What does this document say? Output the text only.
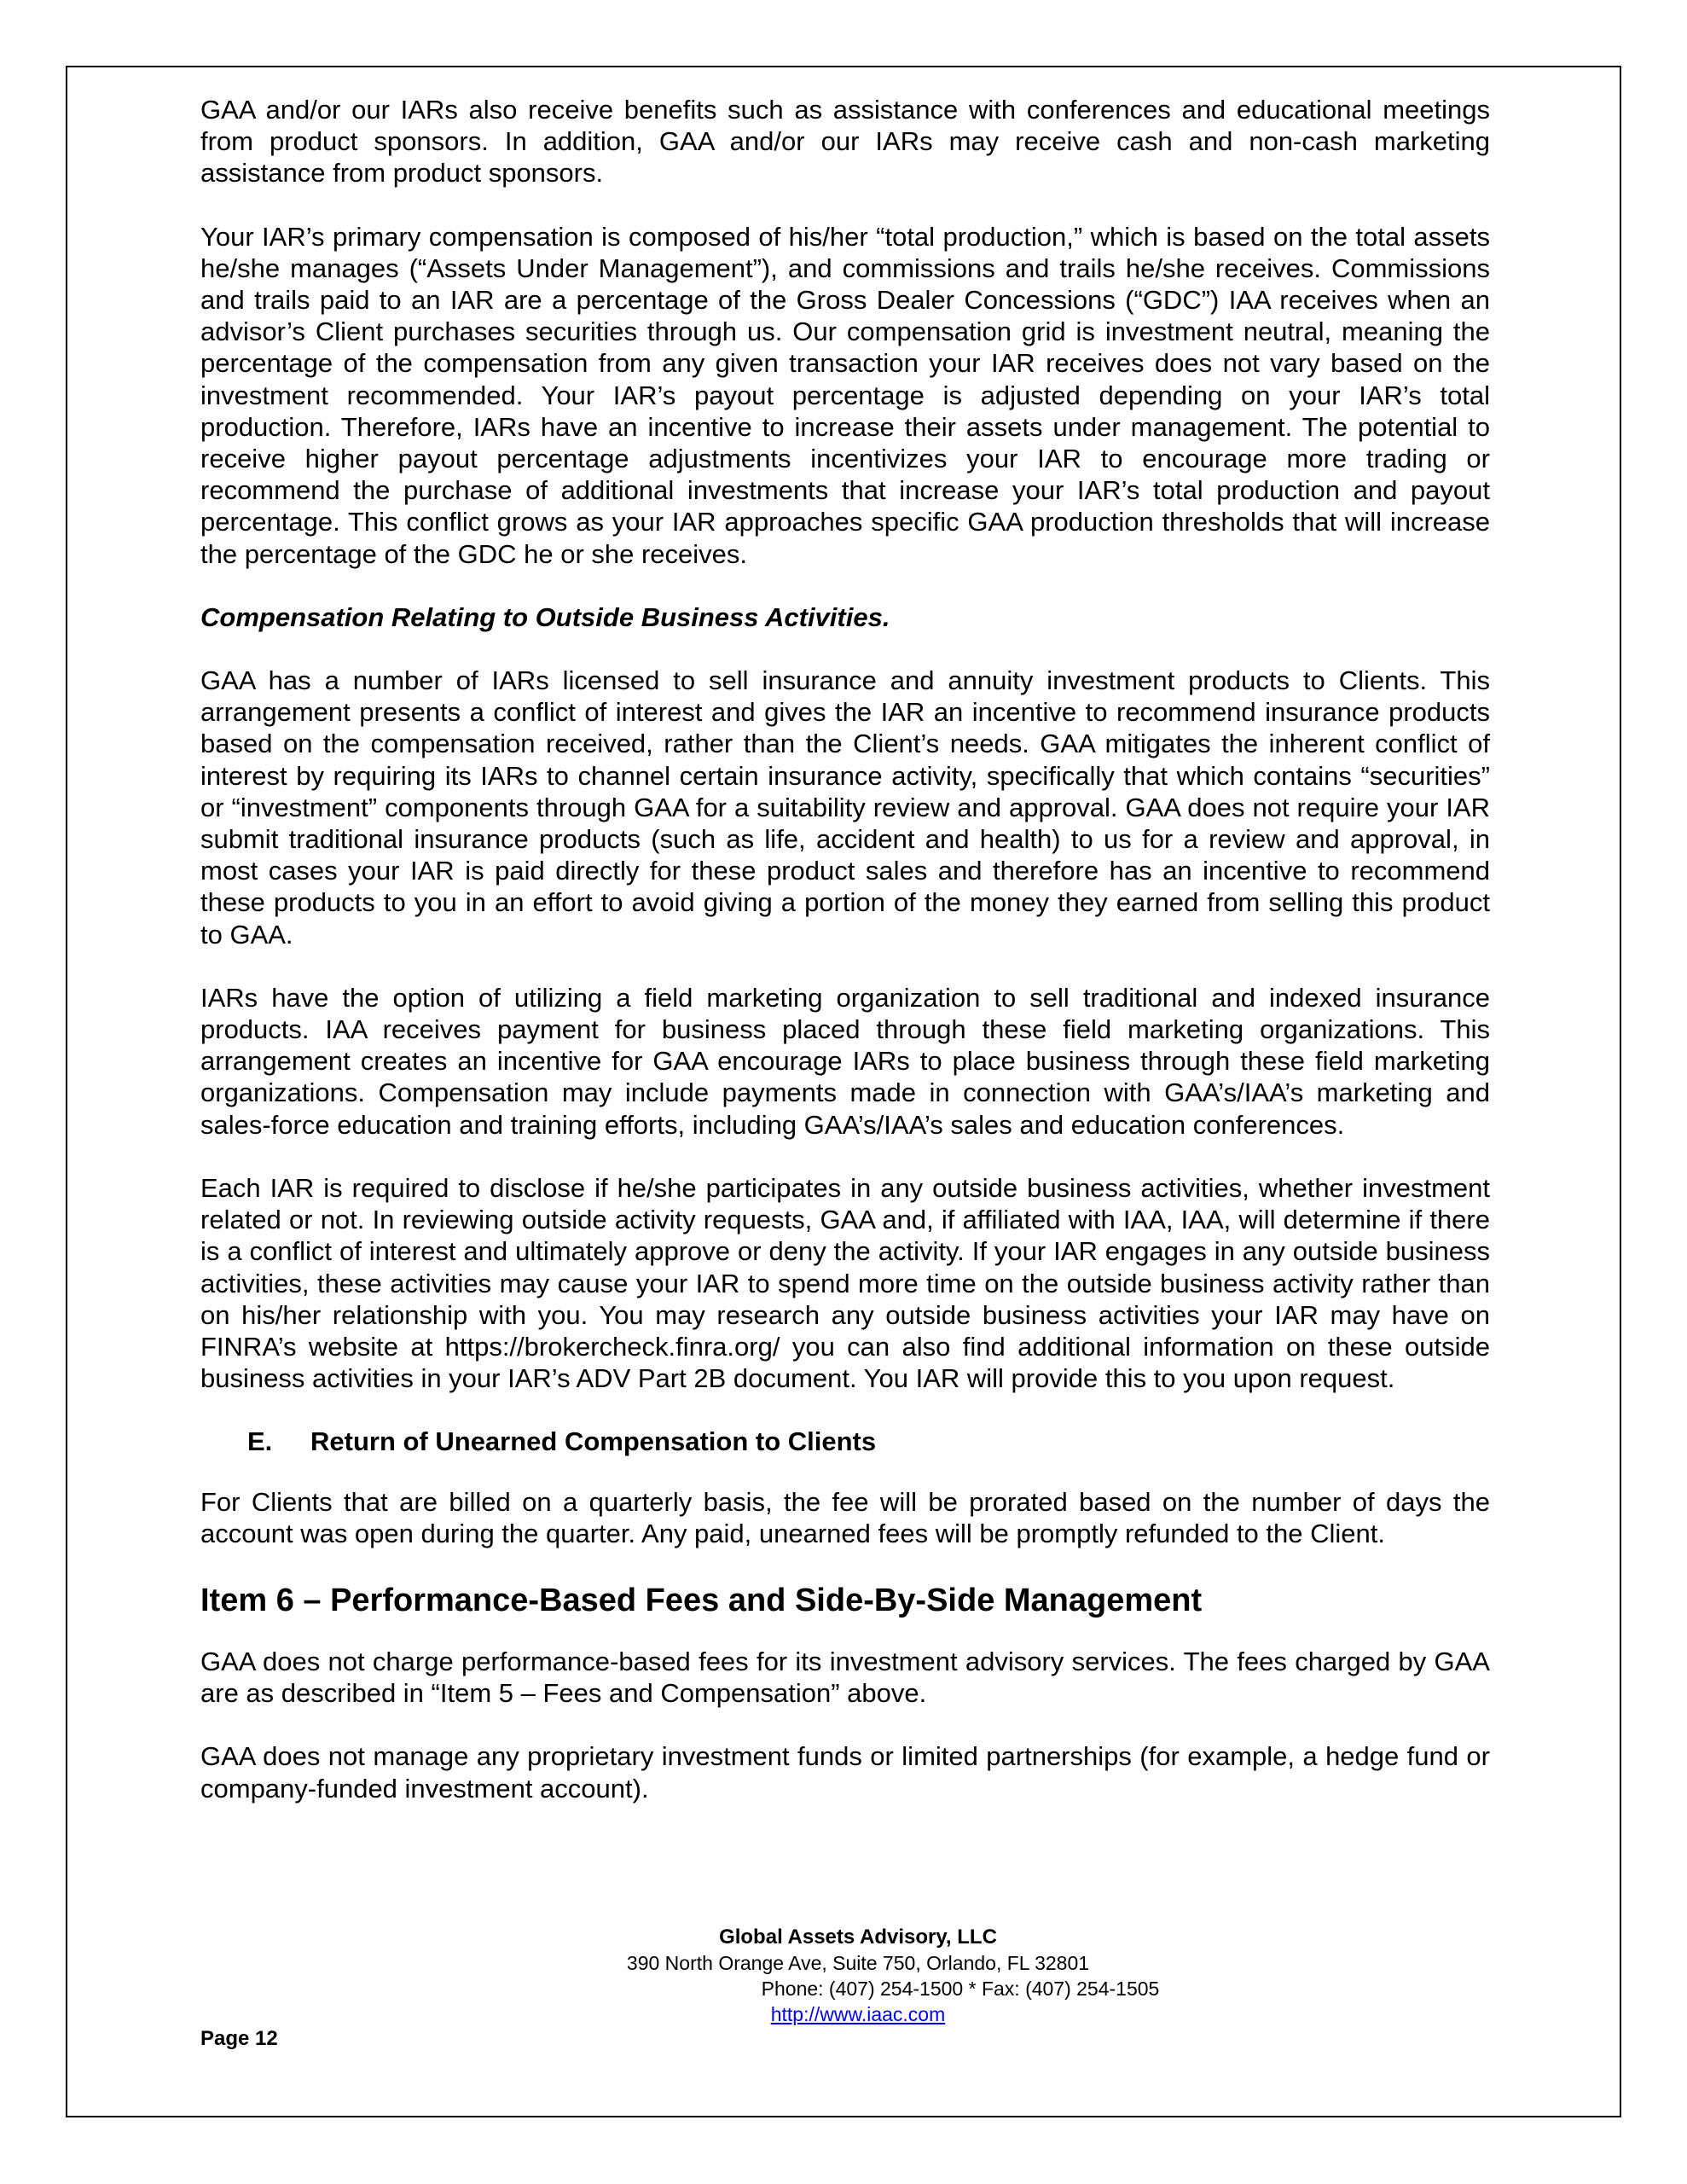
GAA and/or our IARs also receive benefits such as assistance with conferences and educational meetings from product sponsors. In addition, GAA and/or our IARs may receive cash and non-cash marketing assistance from product sponsors.

Your IAR’s primary compensation is composed of his/her “total production,” which is based on the total assets he/she manages (“Assets Under Management”), and commissions and trails he/she receives. Commissions and trails paid to an IAR are a percentage of the Gross Dealer Concessions (“GDC”) IAA receives when an advisor’s Client purchases securities through us. Our compensation grid is investment neutral, meaning the percentage of the compensation from any given transaction your IAR receives does not vary based on the investment recommended. Your IAR’s payout percentage is adjusted depending on your IAR’s total production. Therefore, IARs have an incentive to increase their assets under management. The potential to receive higher payout percentage adjustments incentivizes your IAR to encourage more trading or recommend the purchase of additional investments that increase your IAR’s total production and payout percentage. This conflict grows as your IAR approaches specific GAA production thresholds that will increase the percentage of the GDC he or she receives.

Compensation Relating to Outside Business Activities.

GAA has a number of IARs licensed to sell insurance and annuity investment products to Clients. This arrangement presents a conflict of interest and gives the IAR an incentive to recommend insurance products based on the compensation received, rather than the Client’s needs. GAA mitigates the inherent conflict of interest by requiring its IARs to channel certain insurance activity, specifically that which contains “securities” or “investment” components through GAA for a suitability review and approval. GAA does not require your IAR submit traditional insurance products (such as life, accident and health) to us for a review and approval, in most cases your IAR is paid directly for these product sales and therefore has an incentive to recommend these products to you in an effort to avoid giving a portion of the money they earned from selling this product to GAA.

IARs have the option of utilizing a field marketing organization to sell traditional and indexed insurance products. IAA receives payment for business placed through these field marketing organizations. This arrangement creates an incentive for GAA encourage IARs to place business through these field marketing organizations. Compensation may include payments made in connection with GAA’s/IAA’s marketing and sales-force education and training efforts, including GAA’s/IAA’s sales and education conferences.

Each IAR is required to disclose if he/she participates in any outside business activities, whether investment related or not. In reviewing outside activity requests, GAA and, if affiliated with IAA, IAA, will determine if there is a conflict of interest and ultimately approve or deny the activity. If your IAR engages in any outside business activities, these activities may cause your IAR to spend more time on the outside business activity rather than on his/her relationship with you. You may research any outside business activities your IAR may have on FINRA’s website at https://brokercheck.finra.org/ you can also find additional information on these outside business activities in your IAR’s ADV Part 2B document. You IAR will provide this to you upon request.

E.	Return of Unearned Compensation to Clients

For Clients that are billed on a quarterly basis, the fee will be prorated based on the number of days the account was open during the quarter. Any paid, unearned fees will be promptly refunded to the Client.

Item 6 – Performance-Based Fees and Side-By-Side Management

GAA does not charge performance-based fees for its investment advisory services. The fees charged by GAA are as described in “Item 5 – Fees and Compensation” above.

GAA does not manage any proprietary investment funds or limited partnerships (for example, a hedge fund or company-funded investment account).

Global Assets Advisory, LLC
390 North Orange Ave, Suite 750, Orlando, FL 32801
Phone: (407) 254-1500 * Fax: (407) 254-1505
http://www.iaac.com
Page 12
